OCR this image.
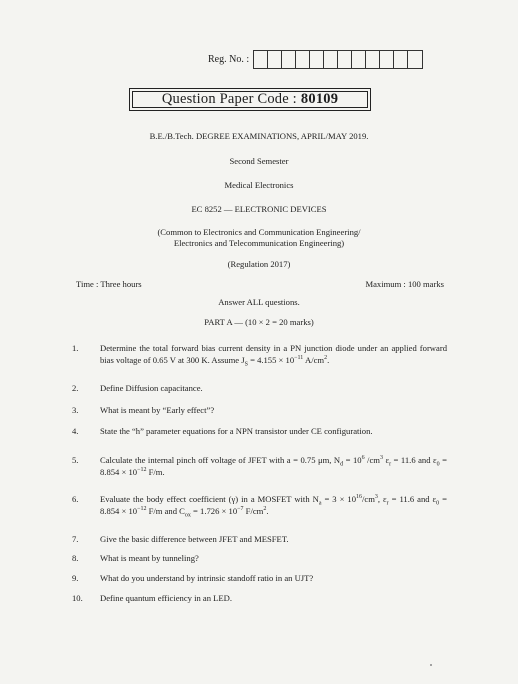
Reg. No. :
Question Paper Code : 80109
B.E./B.Tech. DEGREE EXAMINATIONS, APRIL/MAY 2019.
Second Semester
Medical Electronics
EC 8252 — ELECTRONIC DEVICES
(Common to Electronics and Communication Engineering/
Electronics and Telecommunication Engineering)
(Regulation 2017)
Time : Three hours	Maximum : 100 marks
Answer ALL questions.
PART A — (10 × 2 = 20 marks)
1.	Determine the total forward bias current density in a PN junction diode under an applied forward bias voltage of 0.65 V at 300 K. Assume $J_S = 4.155 \times 10^{-11}$ $A/cm^2$.
2.	Define Diffusion capacitance.
3.	What is meant by “Early effect”?
4.	State the “h” parameter equations for a NPN transistor under CE configuration.
5.	Calculate the internal pinch off voltage of JFET with a = 0.75 μm, $N_d = 10^6$ $/cm^3$ $\varepsilon_r = 11.6$ and $\varepsilon_0 = 8.854 \times 10^{-12}$ F/m.
6.	Evaluate the body effect coefficient (γ) in a MOSFET with $N_a = 3 \times 10^{16}/cm^3$, $\varepsilon_r = 11.6$ and $\varepsilon_0 = 8.854 \times 10^{-12}$ F/m and $C_{ox} = 1.726 \times 10^{-7}$ $F/cm^2$.
7.	Give the basic difference between JFET and MESFET.
8.	What is meant by tunneling?
9.	What do you understand by intrinsic standoff ratio in an UJT?
10.	Define quantum efficiency in an LED.
